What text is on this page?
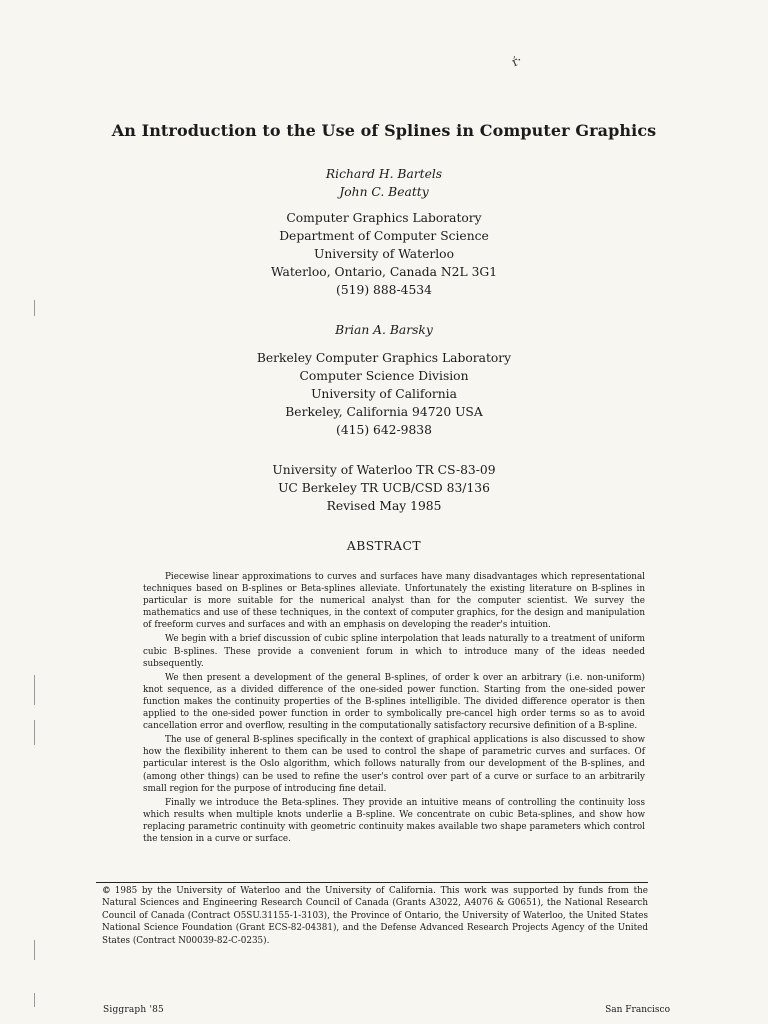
ŕ·
An Introduction to the Use of Splines in Computer Graphics
Richard H. Bartels
John C. Beatty
Computer Graphics Laboratory
Department of Computer Science
University of Waterloo
Waterloo, Ontario, Canada N2L 3G1
(519) 888-4534
Brian A. Barsky
Berkeley Computer Graphics Laboratory
Computer Science Division
University of California
Berkeley, California 94720 USA
(415) 642-9838
University of Waterloo TR CS-83-09
UC Berkeley TR UCB/CSD 83/136
Revised May 1985
ABSTRACT

Piecewise linear approximations to curves and surfaces have many disadvantages which representational techniques based on B-splines or Beta-splines alleviate. Unfortunately the existing literature on B-splines in particular is more suitable for the numerical analyst than for the computer scientist. We survey the mathematics and use of these techniques, in the context of computer graphics, for the design and manipulation of freeform curves and surfaces and with an emphasis on developing the reader's intuition.

We begin with a brief discussion of cubic spline interpolation that leads naturally to a treatment of uniform cubic B-splines. These provide a convenient forum in which to introduce many of the ideas needed subsequently.

We then present a development of the general B-splines, of order k over an arbitrary (i.e. non-uniform) knot sequence, as a divided difference of the one-sided power function. Starting from the one-sided power function makes the continuity properties of the B-splines intelligible. The divided difference operator is then applied to the one-sided power function in order to symbolically pre-cancel high order terms so as to avoid cancellation error and overflow, resulting in the computationally satisfactory recursive definition of a B-spline.

The use of general B-splines specifically in the context of graphical applications is also discussed to show how the flexibility inherent to them can be used to control the shape of parametric curves and surfaces. Of particular interest is the Oslo algorithm, which follows naturally from our development of the B-splines, and (among other things) can be used to refine the user's control over part of a curve or surface to an arbitrarily small region for the purpose of introducing fine detail.

Finally we introduce the Beta-splines. They provide an intuitive means of controlling the continuity loss which results when multiple knots underlie a B-spline. We concentrate on cubic Beta-splines, and show how replacing parametric continuity with geometric continuity makes available two shape parameters which control the tension in a curve or surface.

© 1985 by the University of Waterloo and the University of California. This work was supported by funds from the Natural Sciences and Engineering Research Council of Canada (Grants A3022, A4076 & G0651), the National Research Council of Canada (Contract O5SU.31155-1-3103), the Province of Ontario, the University of Waterloo, the United States National Science Foundation (Grant ECS-82-04381), and the Defense Advanced Research Projects Agency of the United States (Contract N00039-82-C-0235).
Siggraph '85	San Francisco
